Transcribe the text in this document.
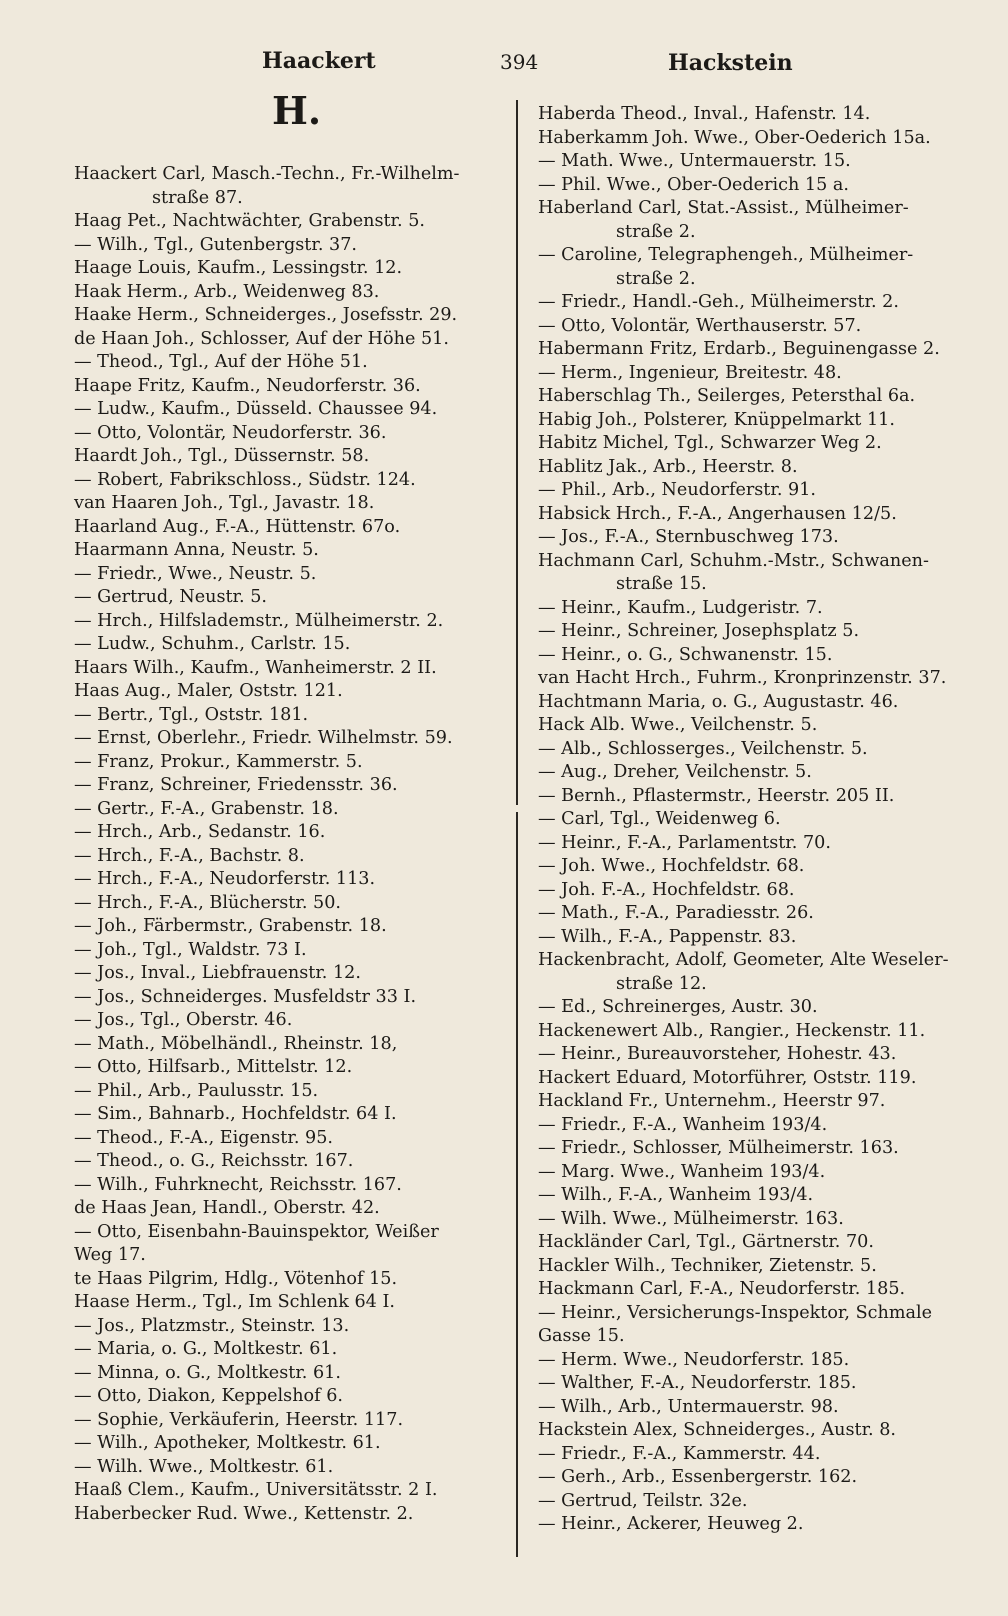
Haackert	394	Hackstein
H.
Haackert Carl, Masch.-Techn., Fr.-Wilhelm-
straße 87.
Haag Pet., Nachtwächter, Grabenstr. 5.
— Wilh., Tgl., Gutenbergstr. 37.
Haage Louis, Kaufm., Lessingstr. 12.
Haak Herm., Arb., Weidenweg 83.
Haake Herm., Schneiderges., Josefsstr. 29.
de Haan Joh., Schlosser, Auf der Höhe 51.
— Theod., Tgl., Auf der Höhe 51.
Haape Fritz, Kaufm., Neudorferstr. 36.
— Ludw., Kaufm., Düsseld. Chaussee 94.
— Otto, Volontär, Neudorferstr. 36.
Haardt Joh., Tgl., Düssernstr. 58.
— Robert, Fabrikschloss., Südstr. 124.
van Haaren Joh., Tgl., Javastr. 18.
Haarland Aug., F.-A., Hüttenstr. 67o.
Haarmann Anna, Neustr. 5.
— Friedr., Wwe., Neustr. 5.
— Gertrud, Neustr. 5.
— Hrch., Hilfslademstr., Mülheimerstr. 2.
— Ludw., Schuhm., Carlstr. 15.
Haars Wilh., Kaufm., Wanheimerstr. 2 II.
Haas Aug., Maler, Oststr. 121.
— Bertr., Tgl., Oststr. 181.
— Ernst, Oberlehr., Friedr. Wilhelmstr. 59.
— Franz, Prokur., Kammerstr. 5.
— Franz, Schreiner, Friedensstr. 36.
— Gertr., F.-A., Grabenstr. 18.
— Hrch., Arb., Sedanstr. 16.
— Hrch., F.-A., Bachstr. 8.
— Hrch., F.-A., Neudorferstr. 113.
— Hrch., F.-A., Blücherstr. 50.
— Joh., Färbermstr., Grabenstr. 18.
— Joh., Tgl., Waldstr. 73 I.
— Jos., Inval., Liebfrauenstr. 12.
— Jos., Schneiderges. Musfeldstr 33 I.
— Jos., Tgl., Oberstr. 46.
— Math., Möbelhändl., Rheinstr. 18,
— Otto, Hilfsarb., Mittelstr. 12.
— Phil., Arb., Paulusstr. 15.
— Sim., Bahnarb., Hochfeldstr. 64 I.
— Theod., F.-A., Eigenstr. 95.
— Theod., o. G., Reichsstr. 167.
— Wilh., Fuhrknecht, Reichsstr. 167.
de Haas Jean, Handl., Oberstr. 42.
— Otto, Eisenbahn-Bauinspektor, Weißer
Weg 17.
te Haas Pilgrim, Hdlg., Vötenhof 15.
Haase Herm., Tgl., Im Schlenk 64 I.
— Jos., Platzmstr., Steinstr. 13.
— Maria, o. G., Moltkestr. 61.
— Minna, o. G., Moltkestr. 61.
— Otto, Diakon, Keppelshof 6.
— Sophie, Verkäuferin, Heerstr. 117.
— Wilh., Apotheker, Moltkestr. 61.
— Wilh. Wwe., Moltkestr. 61.
Haaß Clem., Kaufm., Universitätsstr. 2 I.
Haberbecker Rud. Wwe., Kettenstr. 2.
Haberda Theod., Inval., Hafenstr. 14.
Haberkamm Joh. Wwe., Ober-Oederich 15a.
— Math. Wwe., Untermauerstr. 15.
— Phil. Wwe., Ober-Oederich 15 a.
Haberland Carl, Stat.-Assist., Mülheimer-
straße 2.
— Caroline, Telegraphengeh., Mülheimer-
straße 2.
— Friedr., Handl.-Geh., Mülheimerstr. 2.
— Otto, Volontär, Werthauserstr. 57.
Habermann Fritz, Erdarb., Beguinengasse 2.
— Herm., Ingenieur, Breitestr. 48.
Haberschlag Th., Seilerges, Petersthal 6a.
Habig Joh., Polsterer, Knüppelmarkt 11.
Habitz Michel, Tgl., Schwarzer Weg 2.
Hablitz Jak., Arb., Heerstr. 8.
— Phil., Arb., Neudorferstr. 91.
Habsick Hrch., F.-A., Angerhausen 12/5.
— Jos., F.-A., Sternbuschweg 173.
Hachmann Carl, Schuhm.-Mstr., Schwanen-
straße 15.
— Heinr., Kaufm., Ludgeristr. 7.
— Heinr., Schreiner, Josephsplatz 5.
— Heinr., o. G., Schwanenstr. 15.
van Hacht Hrch., Fuhrm., Kronprinzenstr. 37.
Hachtmann Maria, o. G., Augustastr. 46.
Hack Alb. Wwe., Veilchenstr. 5.
— Alb., Schlosserges., Veilchenstr. 5.
— Aug., Dreher, Veilchenstr. 5.
— Bernh., Pflastermstr., Heerstr. 205 II.
— Carl, Tgl., Weidenweg 6.
— Heinr., F.-A., Parlamentstr. 70.
— Joh. Wwe., Hochfeldstr. 68.
— Joh. F.-A., Hochfeldstr. 68.
— Math., F.-A., Paradiesstr. 26.
— Wilh., F.-A., Pappenstr. 83.
Hackenbracht, Adolf, Geometer, Alte Weseler-
straße 12.
— Ed., Schreinerges, Austr. 30.
Hackenewert Alb., Rangier., Heckenstr. 11.
— Heinr., Bureauvorsteher, Hohestr. 43.
Hackert Eduard, Motorführer, Oststr. 119.
Hackland Fr., Unternehm., Heerstr 97.
— Friedr., F.-A., Wanheim 193/4.
— Friedr., Schlosser, Mülheimerstr. 163.
— Marg. Wwe., Wanheim 193/4.
— Wilh., F.-A., Wanheim 193/4.
— Wilh. Wwe., Mülheimerstr. 163.
Hackländer Carl, Tgl., Gärtnerstr. 70.
Hackler Wilh., Techniker, Zietenstr. 5.
Hackmann Carl, F.-A., Neudorferstr. 185.
— Heinr., Versicherungs-Inspektor, Schmale
Gasse 15.
— Herm. Wwe., Neudorferstr. 185.
— Walther, F.-A., Neudorferstr. 185.
— Wilh., Arb., Untermauerstr. 98.
Hackstein Alex, Schneiderges., Austr. 8.
— Friedr., F.-A., Kammerstr. 44.
— Gerh., Arb., Essenbergerstr. 162.
— Gertrud, Teilstr. 32e.
— Heinr., Ackerer, Heuweg 2.
